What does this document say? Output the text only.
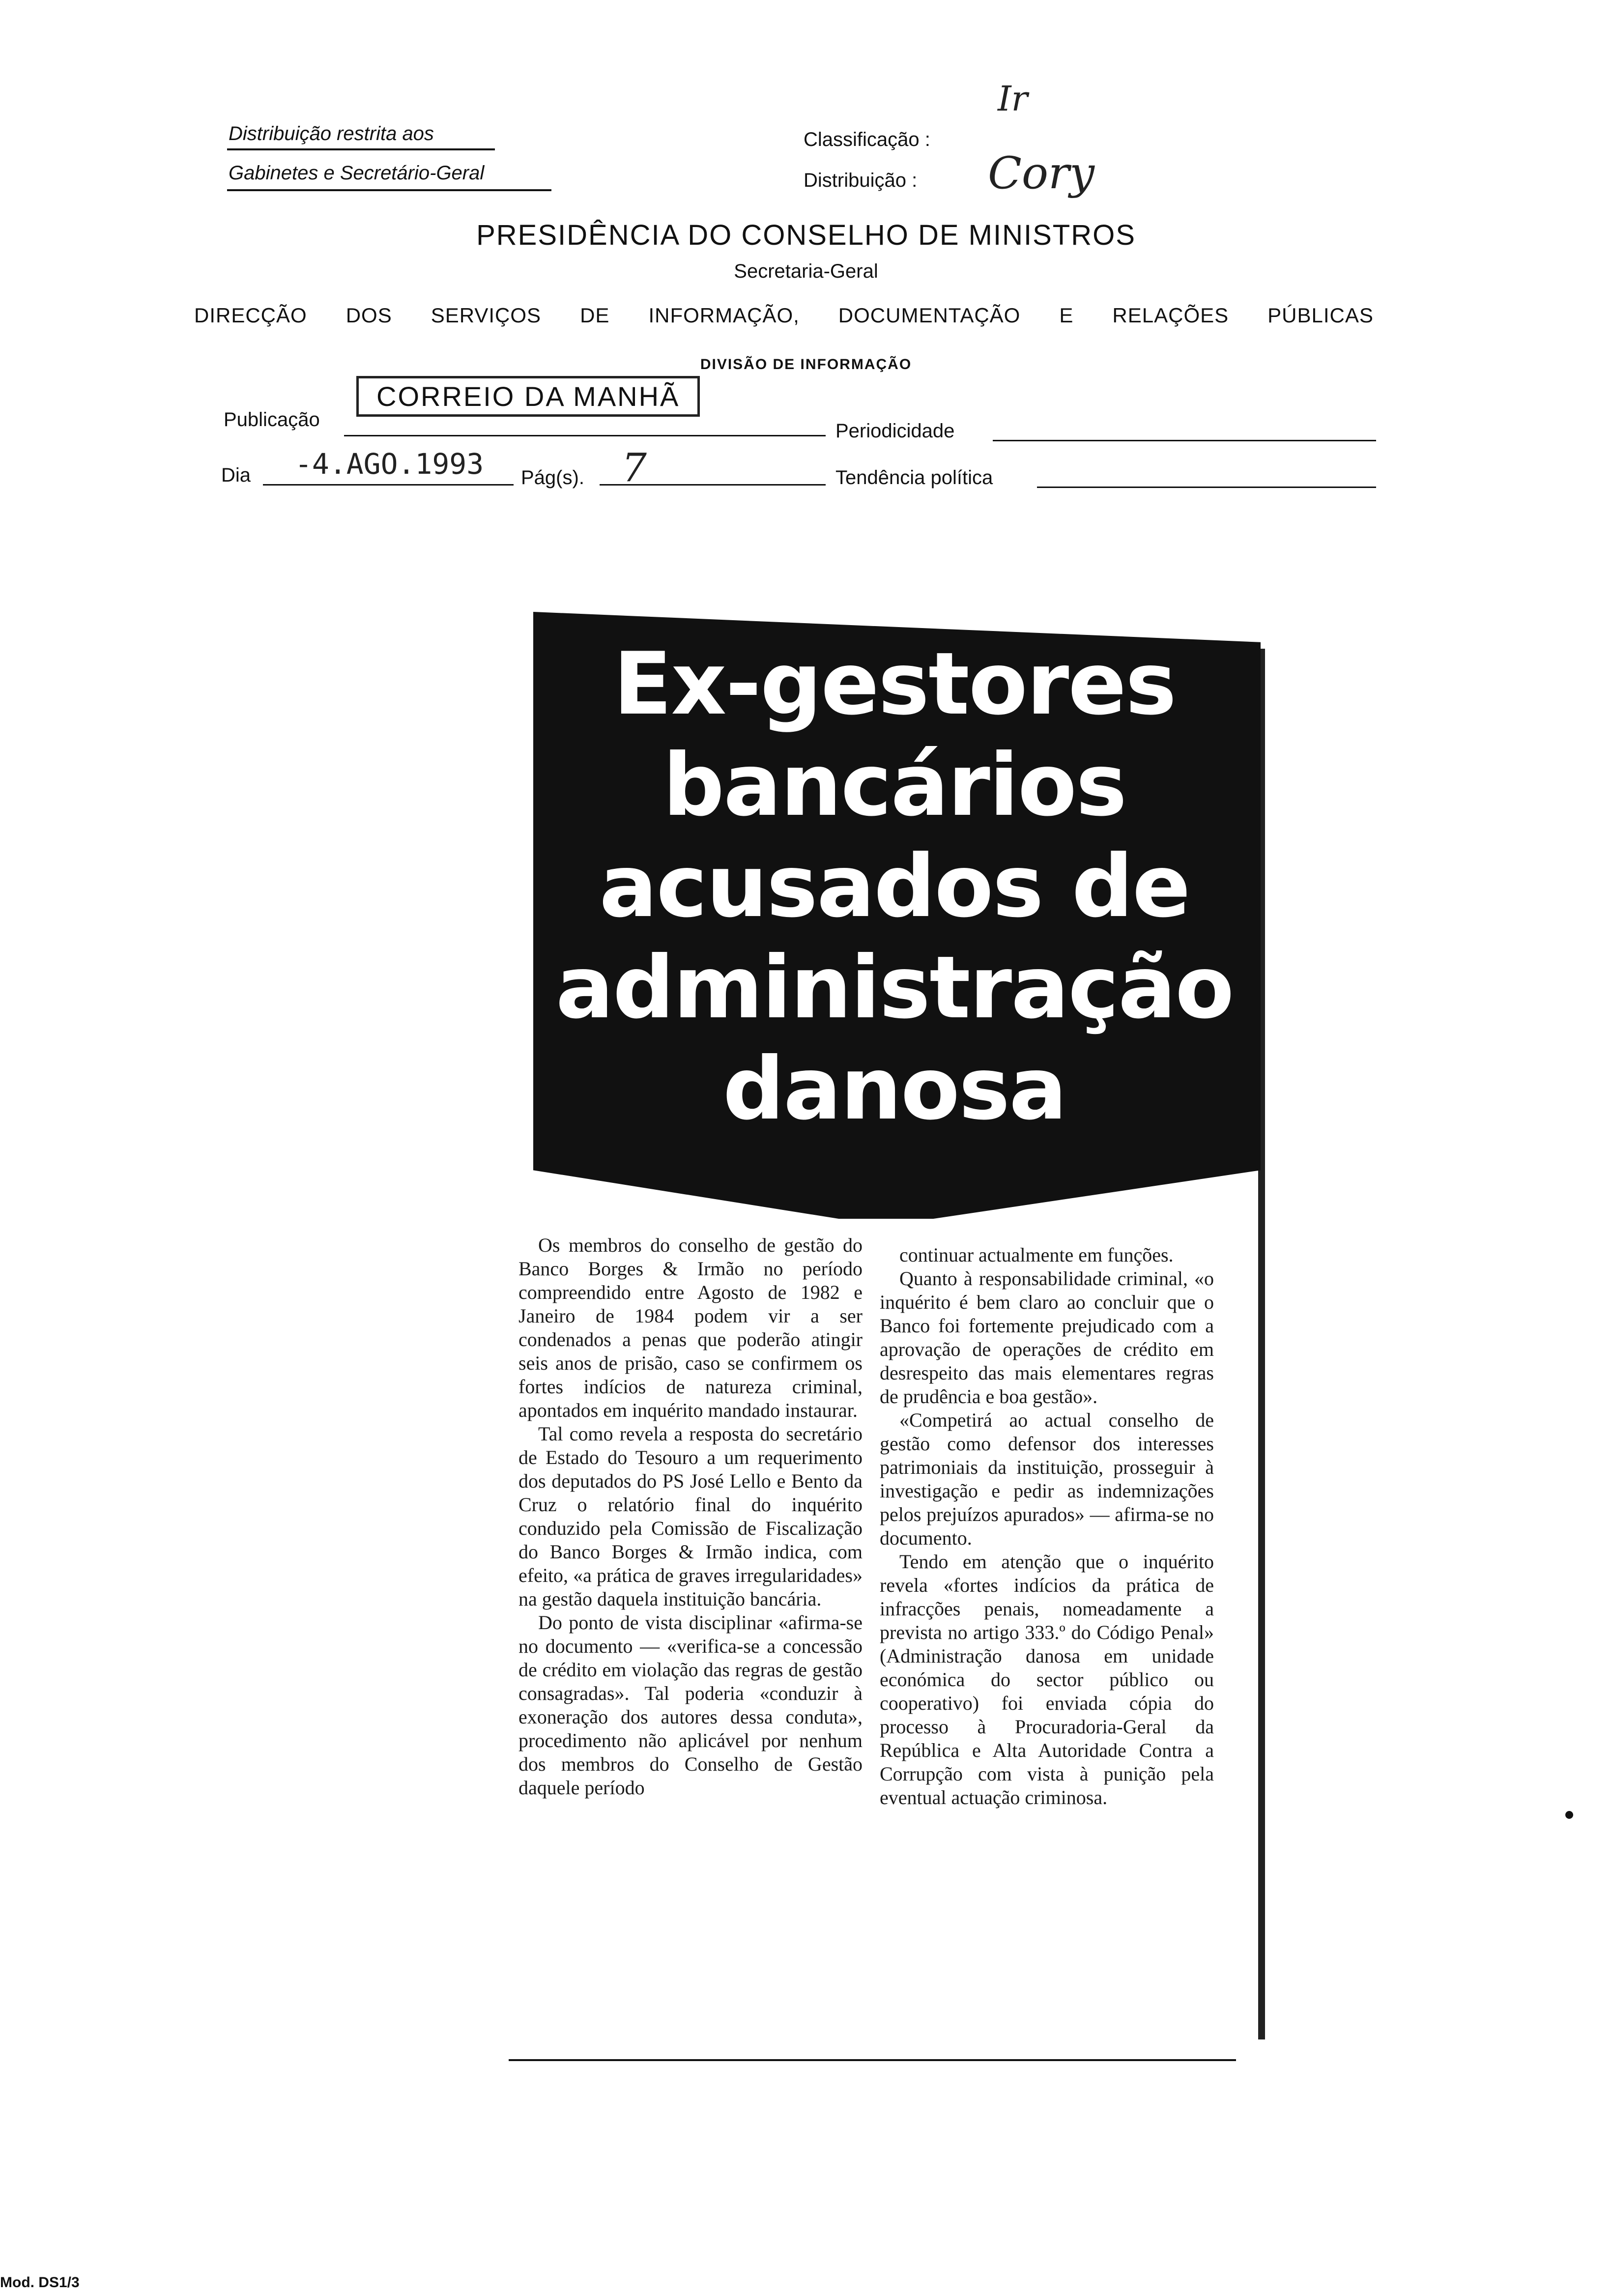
Distribuição restrita aos
Gabinetes e Secretário-Geral
Classificação :
Distribuição :
Ir
Cory
PRESIDÊNCIA DO CONSELHO DE MINISTROS
Secretaria-Geral
DIRECÇÃO DOS SERVIÇOS DE INFORMAÇÃO, DOCUMENTAÇÃO E RELAÇÕES PÚBLICAS
DIVISÃO DE INFORMAÇÃO
Publicação
CORREIO DA MANHÃ
Periodicidade
Dia -4.AGO.1993 Pág(s). 7	Tendência política
Ex-gestores
bancários
acusados de
administração
danosa

Os membros do conselho de gestão do Banco Borges & Irmão no período compreendido entre Agosto de 1982 e Janeiro de 1984 podem vir a ser condenados a penas que poderão atingir seis anos de prisão, caso se confirmem os fortes indícios de natureza criminal, apontados em inquérito mandado instaurar.

Tal como revela a resposta do secretário de Estado do Tesouro a um requerimento dos deputados do PS José Lello e Bento da Cruz o relatório final do inquérito conduzido pela Comissão de Fiscalização do Banco Borges & Irmão indica, com efeito, «a prática de graves irregularidades» na gestão daquela instituição bancária.

Do ponto de vista disciplinar «afirma-se no documento — «verifica-se a concessão de crédito em violação das regras de gestão consagradas». Tal poderia «conduzir à exoneração dos autores dessa conduta», procedimento não aplicável por nenhum dos membros do Conselho de Gestão daquele período

continuar actualmente em funções.

Quanto à responsabilidade criminal, «o inquérito é bem claro ao concluir que o Banco foi fortemente prejudicado com a aprovação de operações de crédito em desrespeito das mais elementares regras de prudência e boa gestão».

«Competirá ao actual conselho de gestão como defensor dos interesses patrimoniais da instituição, prosseguir à investigação e pedir as indemnizações pelos prejuízos apurados» — afirma-se no documento.

Tendo em atenção que o inquérito revela «fortes indícios da prática de infracções penais, nomeadamente a prevista no artigo 333.º do Código Penal» (Administração danosa em unidade económica do sector público ou cooperativo) foi enviada cópia do processo à Procuradoria-Geral da República e Alta Autoridade Contra a Corrupção com vista à punição pela eventual actuação criminosa.

Mod. DS1/3
